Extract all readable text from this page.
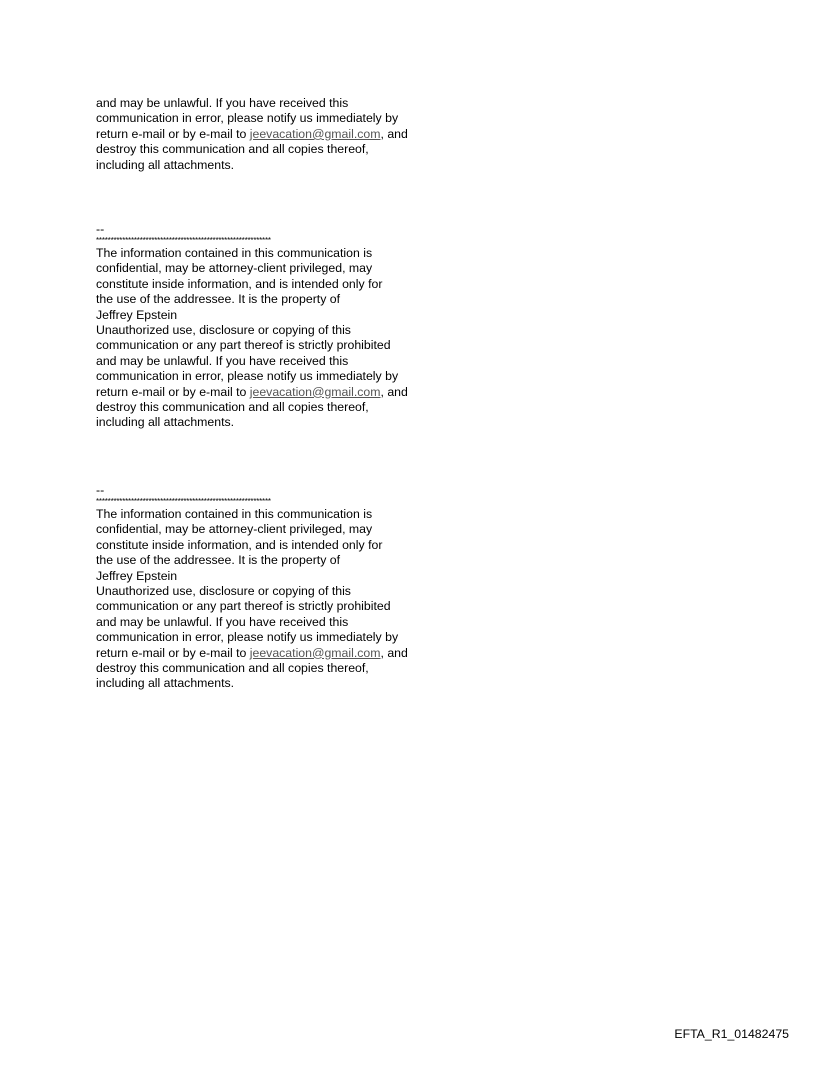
and may be unlawful. If you have received this
communication in error, please notify us immediately by
return e-mail or by e-mail to jeevacation@gmail.com, and
destroy this communication and all copies thereof,
including all attachments.
--
************************************************************
The information contained in this communication is
confidential, may be attorney-client privileged, may
constitute inside information, and is intended only for
the use of the addressee. It is the property of
Jeffrey Epstein
Unauthorized use, disclosure or copying of this
communication or any part thereof is strictly prohibited
and may be unlawful. If you have received this
communication in error, please notify us immediately by
return e-mail or by e-mail to jeevacation@gmail.com, and
destroy this communication and all copies thereof,
including all attachments.
--
************************************************************
The information contained in this communication is
confidential, may be attorney-client privileged, may
constitute inside information, and is intended only for
the use of the addressee. It is the property of
Jeffrey Epstein
Unauthorized use, disclosure or copying of this
communication or any part thereof is strictly prohibited
and may be unlawful. If you have received this
communication in error, please notify us immediately by
return e-mail or by e-mail to jeevacation@gmail.com, and
destroy this communication and all copies thereof,
including all attachments.
EFTA_R1_01482475
